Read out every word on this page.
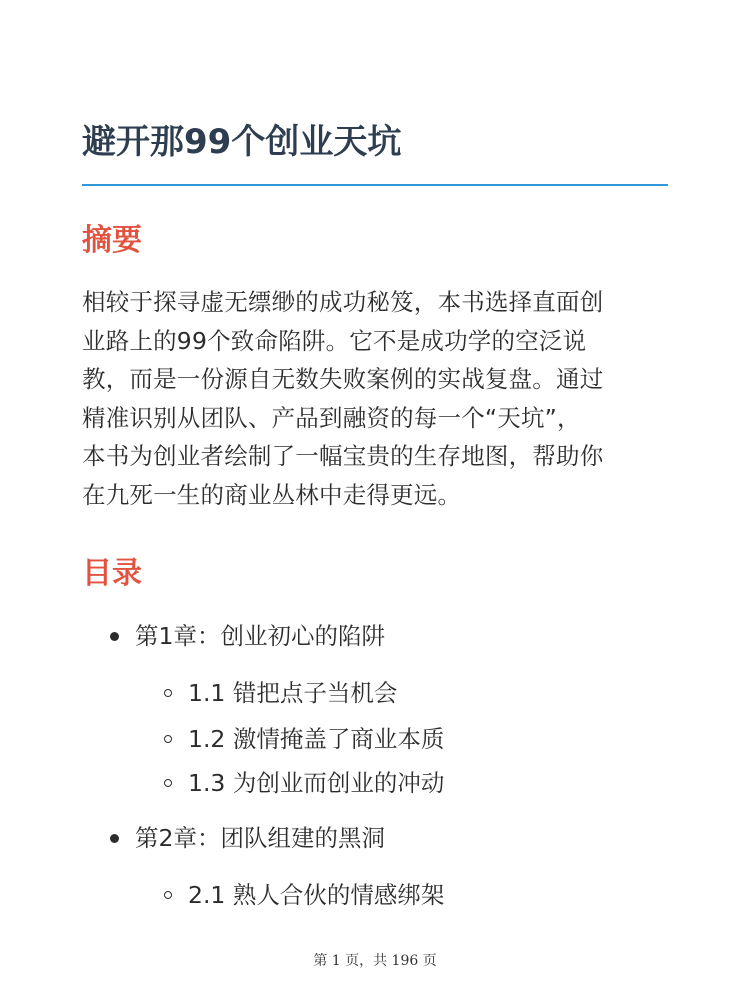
避开那99个创业天坑
摘要

相较于探寻虚无缥缈的成功秘笈，本书选择直面创
业路上的99个致命陷阱。它不是成功学的空泛说
教，而是一份源自无数失败案例的实战复盘。通过
精准识别从团队、产品到融资的每一个“天坑”，
本书为创业者绘制了一幅宝贵的生存地图，帮助你
在九死一生的商业丛林中走得更远。

目录
第1章：创业初心的陷阱
1.1 错把点子当机会
1.2 激情掩盖了商业本质
1.3 为创业而创业的冲动
第2章：团队组建的黑洞
2.1 熟人合伙的情感绑架
第 1 页，共 196 页
